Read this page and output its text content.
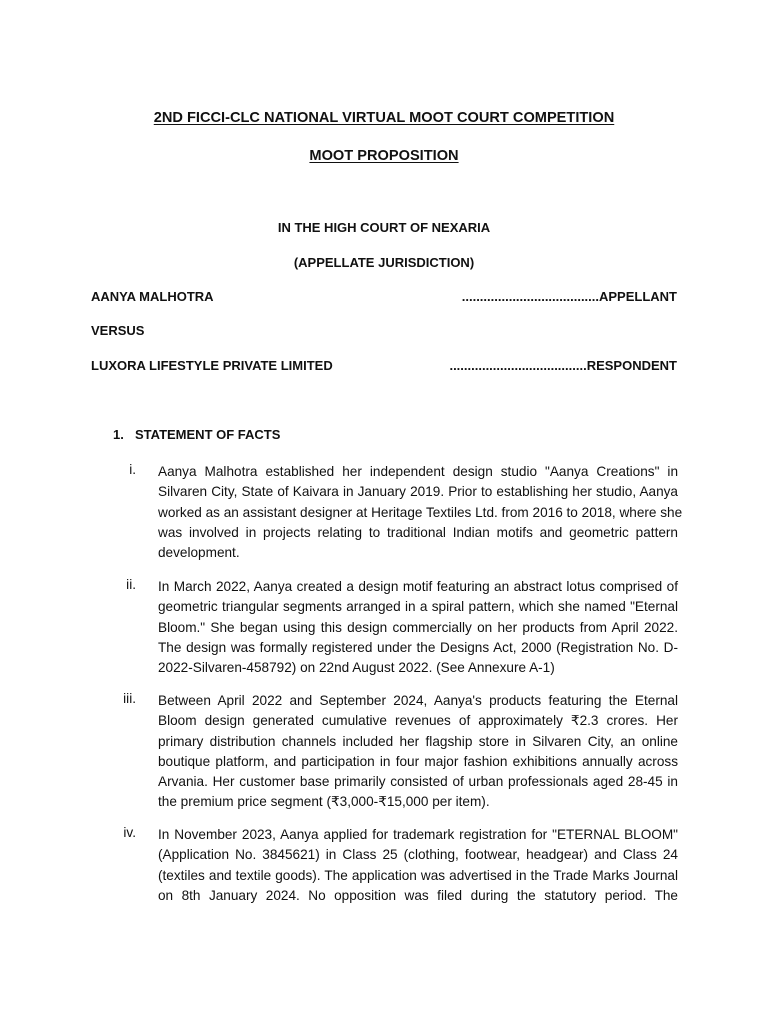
2ND FICCI-CLC NATIONAL VIRTUAL MOOT COURT COMPETITION
MOOT PROPOSITION
IN THE HIGH COURT OF NEXARIA
(APPELLATE JURISDICTION)
AANYA MALHOTRA	......................................APPELLANT
VERSUS
LUXORA LIFESTYLE PRIVATE LIMITED	......................................RESPONDENT
1. STATEMENT OF FACTS
i. Aanya Malhotra established her independent design studio "Aanya Creations" in
Silvaren City, State of Kaivara in January 2019. Prior to establishing her studio, Aanya
worked as an assistant designer at Heritage Textiles Ltd. from 2016 to 2018, where she
was involved in projects relating to traditional Indian motifs and geometric pattern
development.
ii. In March 2022, Aanya created a design motif featuring an abstract lotus comprised of
geometric triangular segments arranged in a spiral pattern, which she named "Eternal
Bloom." She began using this design commercially on her products from April 2022.
The design was formally registered under the Designs Act, 2000 (Registration No. D-
2022-Silvaren-458792) on 22nd August 2022. (See Annexure A-1)
iii. Between April 2022 and September 2024, Aanya's products featuring the Eternal
Bloom design generated cumulative revenues of approximately ₹2.3 crores. Her
primary distribution channels included her flagship store in Silvaren City, an online
boutique platform, and participation in four major fashion exhibitions annually across
Arvania. Her customer base primarily consisted of urban professionals aged 28-45 in
the premium price segment (₹3,000-₹15,000 per item).
iv. In November 2023, Aanya applied for trademark registration for "ETERNAL BLOOM"
(Application No. 3845621) in Class 25 (clothing, footwear, headgear) and Class 24
(textiles and textile goods). The application was advertised in the Trade Marks Journal
on 8th January 2024. No opposition was filed during the statutory period. The
